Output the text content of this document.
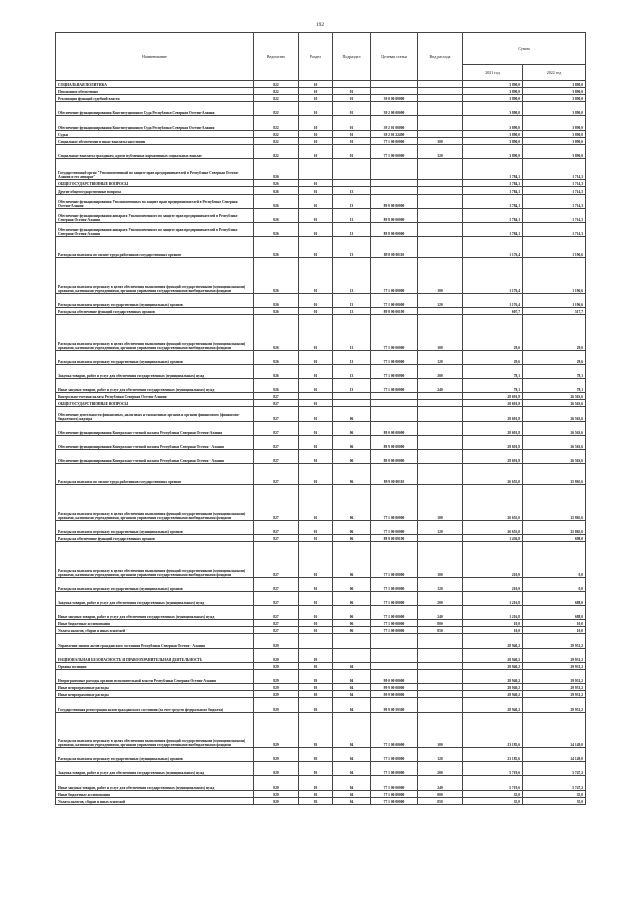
192
Наименование	Ведомство	Раздел	Подраздел	Целевая статья	Вид расхода	Сумма	
						2021 год	2022 год
СОЦИАЛЬНАЯ ПОЛИТИКА	822	10				3 890,0	3 890,0
Пенсионное обеспечение	822	10	01			3 890,0	3 890,0
Реализация функций судебной власти	822	10	01	39 0 00 00000		3 890,0	3 890,0
Обеспечение функционирования Конституционного Суда Республики Северная Осетия-Алания	822	10	01	39 2 00 00000		3 890,0	3 890,0
Обеспечение функционирования Конституционного Суда Республики Северная Осетия-Алания	822	10	01	39 2 01 00000		3 890,0	3 890,0
Судьи	822	10	01	39 2 01 22490		3 890,0	3 890,0
Социальное обеспечение и иные выплаты населению	822	10	01	77 1 00 00000	300	3 890,0	3 890,0
Социальные выплаты гражданам, кроме публичных нормативных социальных выплат	822	10	01	77 1 00 00000	320	3 890,0	3 890,0
Государственный орган "Уполномоченный по защите прав предпринимателей в Республике Северная Осетия-Алания и его аппарат"	826					1 784,1	1 714,3
ОБЩЕГОСУДАРСТВЕННЫЕ ВОПРОСЫ	826	01				1 784,1	1 714,3
Другие общегосударственные вопросы	826	01	13			1 784,1	1 714,3
Обеспечение функционирования Уполномоченных по защите прав предпринимателей в Республике Северная Осетия-Алания	826	01	13	89 0 00 00000		1 784,1	1 714,3
Обеспечение функционирования аппарата Уполномоченного по защите прав предпринимателей в Республике Северная Осетия-Алания	826	01	13	89 8 00 00000		1 784,1	1 714,3
Обеспечение функционирования аппарата Уполномоченного по защите прав предпринимателей в Республике Северная Осетия-Алания	826	01	13	89 8 00 00000		1 784,1	1 714,3
Расходы на выплаты по оплате труда работников государственных органов	826	01	13	89 8 00 00110		1 176,4	1 196,6
Расходы на выплаты персоналу в целях обеспечения выполнения функций государственными (муниципальными) органами, казенными учреждениями, органами управления государственными внебюджетными фондами	826	01	13	77 1 00 00000	100	1 176,4	1 196,6
Расходы на выплаты персоналу государственных (муниципальных) органов	826	01	13	77 1 00 00000	120	1 176,4	1 196,6
Расходы на обеспечение функций государственных органов	826	01	13	89 8 00 00190		607,7	517,7
Расходы на выплаты персоналу в целях обеспечения выполнения функций государственными (муниципальными) органами, казенными учреждениями, органами управления государственными внебюджетными фондами	826	01	13	77 1 00 00000	100	29,6	29,6
Расходы на выплаты персоналу государственных (муниципальных) органов	826	01	13	77 1 00 00000	120	29,6	29,6
Закупка товаров, работ и услуг для обеспечения государственных (муниципальных) нужд	826	01	13	77 1 00 00000	200	78,1	78,1
Иные закупки товаров, работ и услуг для обеспечения государственных (муниципальных) нужд	826	01	13	77 1 00 00000	240	78,1	78,1
Контрольно-счетная палата Республики Северная Осетия-Алания	827					28 691,8	26 563,6
ОБЩЕГОСУДАРСТВЕННЫЕ ВОПРОСЫ	827	01				28 691,8	26 563,6
Обеспечение деятельности финансовых, налоговых и таможенных органов и органов финансового (финансово-бюджетного) надзора	827	01	06			28 691,8	26 563,6
Обеспечение функционирования Контрольно-счетной палаты Республики Северная Осетия-Алания	827	01	06	89 0 00 00000		28 691,8	26 563,6
Обеспечение функционирования Контрольно-счетной палаты Республики Северная Осетия - Алания	827	01	06	89 9 00 00000		28 691,8	26 563,6
Обеспечение функционирования Контрольно-счетной палаты Республики Северная Осетия - Алания	827	01	06	89 9 00 00000		28 691,8	26 563,6
Расходы на выплаты по оплате труда работников государственных органов	827	01	06	89 9 00 00110		26 655,0	25 865,6
Расходы на выплаты персоналу в целях обеспечения выполнения функций государственными (муниципальными) органами, казенными учреждениями, органами управления государственными внебюджетными фондами	827	01	06	77 1 00 00000	100	26 655,0	25 865,6
Расходы на выплаты персоналу государственных (муниципальных) органов	827	01	06	77 1 00 00000	120	26 655,0	25 865,6
Расходы на обеспечение функций государственных органов	827	01	06	89 9 00 00190		1 436,8	698,0
Расходы на выплаты персоналу в целях обеспечения выполнения функций государственными (муниципальными) органами, казенными учреждениями, органами управления государственными внебюджетными фондами	827	01	06	77 1 00 00000	100	210,0	0,0
Расходы на выплаты персоналу государственных (муниципальных) органов	827	01	06	77 1 00 00000	120	210,0	0,0
Закупка товаров, работ и услуг для обеспечения государственных (муниципальных) нужд	827	01	06	77 1 00 00000	200	1 216,8	688,0
Иные закупки товаров, работ и услуг для обеспечения государственных (муниципальных) нужд	827	01	06	77 1 00 00000	240	1 216,8	688,0
Иные бюджетные ассигнования	827	01	06	77 1 00 00000	800	10,0	10,0
Уплата налогов, сборов и иных платежей	827	01	06	77 1 00 00000	850	10,0	10,0
Управление записи актов гражданского состояния Республики Северная Осетия - Алания	829					28 940,2	29 931,2
НАЦИОНАЛЬНАЯ БЕЗОПАСНОСТЬ И ПРАВООХРАНИТЕЛЬНАЯ ДЕЯТЕЛЬНОСТЬ	829	03				28 940,2	29 931,2
Органы юстиции	829	03	04			28 940,2	29 931,2
Непрограммные расходы органов исполнительной власти Республики Северная Осетия-Алания	829	03	04	99 0 00 00000		28 940,2	29 931,2
Иные непрограммные расходы	829	03	04	99 9 00 00000		28 940,2	29 931,2
Иные непрограммные расходы	829	03	04	99 9 00 00000		28 940,2	29 931,2
Государственная регистрация актов гражданского состояния (за счет средств федерального бюджета)	829	03	04	99 9 00 59300		28 940,2	29 931,2
Расходы на выплаты персоналу в целях обеспечения выполнения функций государственными (муниципальными) органами, казенными учреждениями, органами управления государственными внебюджетными фондами	829	03	04	77 1 00 00000	100	23 185,6	24 149,0
Расходы на выплаты персоналу государственных (муниципальных) органов	829	03	04	77 1 00 00000	120	23 185,6	24 149,0
Закупка товаров, работ и услуг для обеспечения государственных (муниципальных) нужд	829	03	04	77 1 00 00000	200	5 719,6	5 747,2
Иные закупки товаров, работ и услуг для обеспечения государственных (муниципальных) нужд	829	03	04	77 1 00 00000	240	5 719,6	5 747,2
Иные бюджетные ассигнования	829	03	04	77 1 00 00000	800	35,0	35,0
Уплата налогов, сборов и иных платежей	829	03	04	77 1 00 00000	850	35,0	35,0
